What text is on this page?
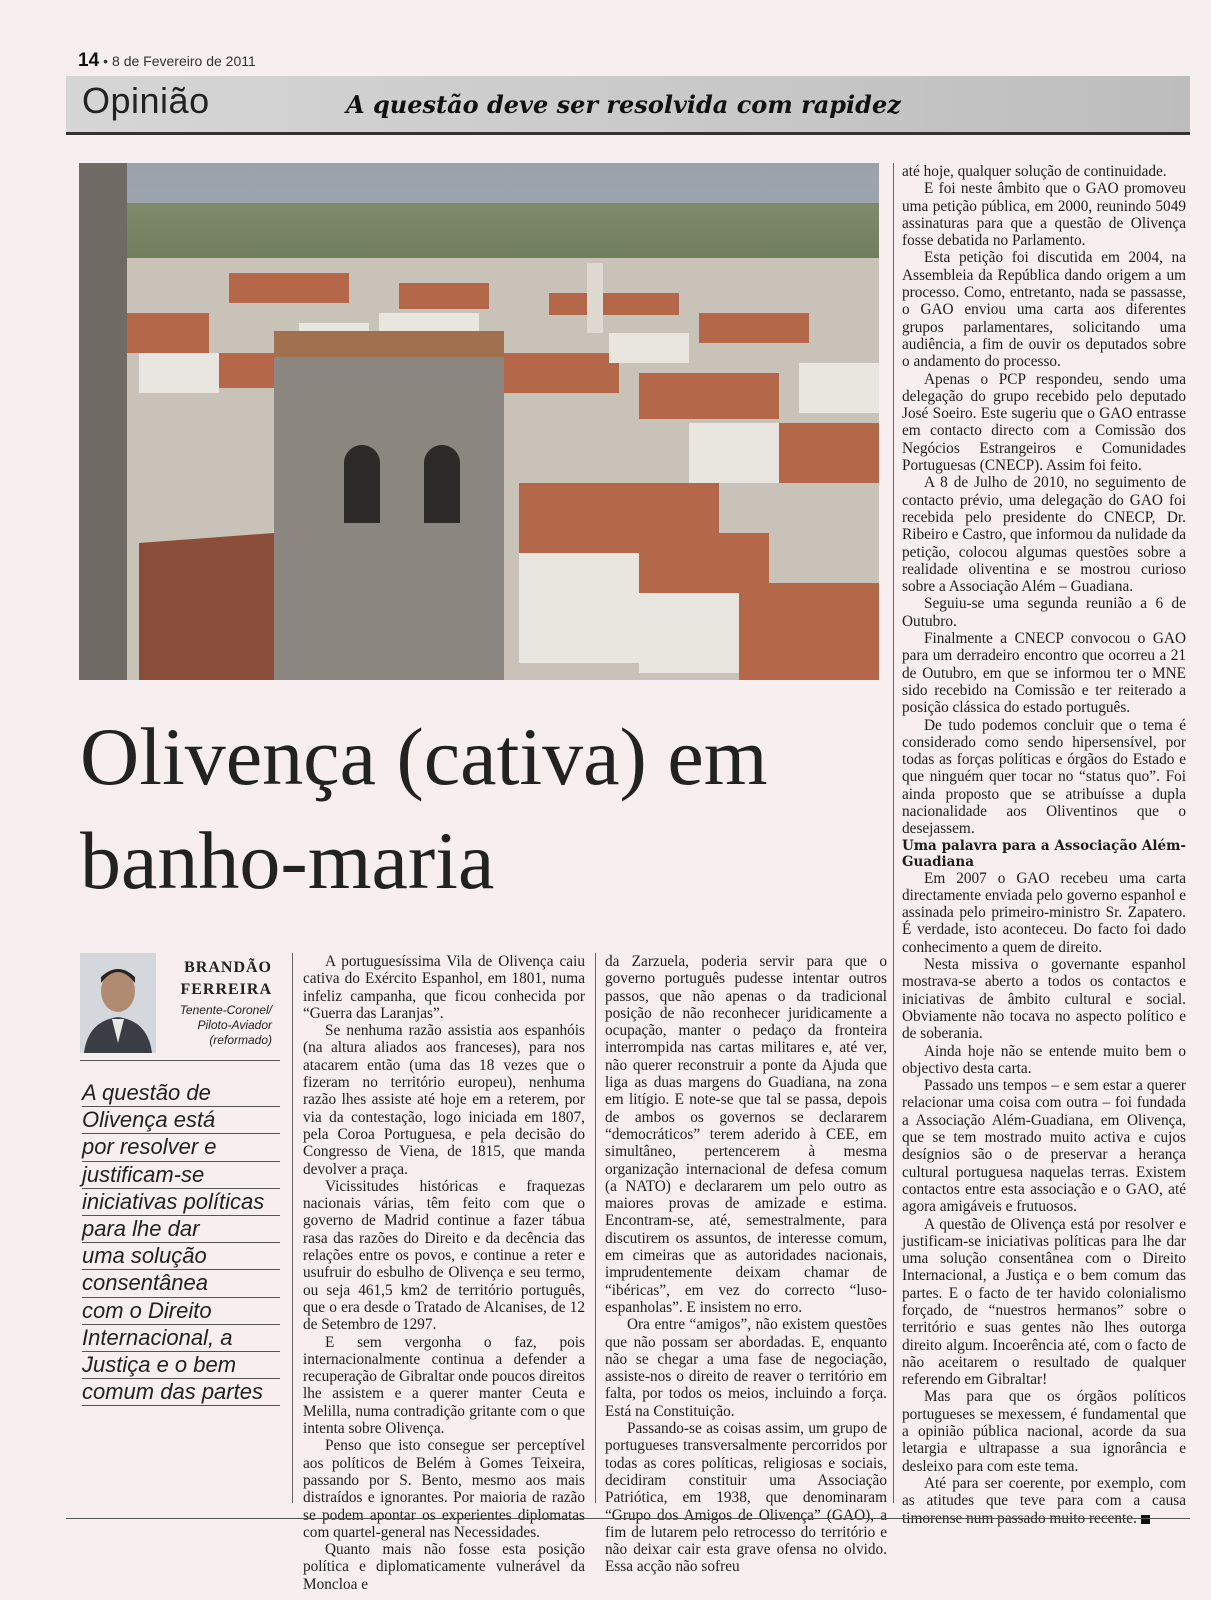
14 • 8 de Fevereiro de 2011
Opinião	A questão deve ser resolvida com rapidez
Olivença (cativa) em banho-maria
BRANDÃO
FERREIRA
Tenente-Coronel/
Piloto-Aviador
(reformado)
A questão de
Olivença está
por resolver e
justificam-se
iniciativas políticas
para lhe dar
uma solução
consentânea
com o Direito
Internacional, a
Justiça e o bem
comum das partes

A portuguesíssima Vila de Olivença caiu cativa do Exército Espanhol, em 1801, numa infeliz campanha, que ficou conhecida por “Guerra das Laranjas”.

Se nenhuma razão assistia aos espanhóis (na altura aliados aos franceses), para nos atacarem então (uma das 18 vezes que o fizeram no território europeu), nenhuma razão lhes assiste até hoje em a reterem, por via da contestação, logo iniciada em 1807, pela Coroa Portuguesa, e pela decisão do Congresso de Viena, de 1815, que manda devolver a praça.

Vicissitudes históricas e fraquezas nacionais várias, têm feito com que o governo de Madrid continue a fazer tábua rasa das razões do Direito e da decência das relações entre os povos, e continue a reter e usufruir do esbulho de Olivença e seu termo, ou seja 461,5 km2 de território português, que o era desde o Tratado de Alcanises, de 12 de Setembro de 1297.

E sem vergonha o faz, pois internacionalmente continua a defender a recuperação de Gibraltar onde poucos direitos lhe assistem e a querer manter Ceuta e Melilla, numa contradição gritante com o que intenta sobre Olivença.

Penso que isto consegue ser perceptível aos políticos de Belém à Gomes Teixeira, passando por S. Bento, mesmo aos mais distraídos e ignorantes. Por maioria de razão se podem apontar os experientes diplomatas com quartel-general nas Necessidades.

Quanto mais não fosse esta posição política e diplomaticamente vulnerável da Moncloa e

da Zarzuela, poderia servir para que o governo português pudesse intentar outros passos, que não apenas o da tradicional posição de não reconhecer juridicamente a ocupação, manter o pedaço da fronteira interrompida nas cartas militares e, até ver, não querer reconstruir a ponte da Ajuda que liga as duas margens do Guadiana, na zona em litígio. E note-se que tal se passa, depois de ambos os governos se declararem “democráticos” terem aderido à CEE, em simultâneo, pertencerem à mesma organização internacional de defesa comum (a NATO) e declararem um pelo outro as maiores provas de amizade e estima. Encontram-se, até, semestralmente, para discutirem os assuntos, de interesse comum, em cimeiras que as autoridades nacionais, imprudentemente deixam chamar de “ibéricas”, em vez do correcto “luso-espanholas”. E insistem no erro.

Ora entre “amigos”, não existem questões que não possam ser abordadas. E, enquanto não se chegar a uma fase de negociação, assiste-nos o direito de reaver o território em falta, por todos os meios, incluindo a força. Está na Constituição.

Passando-se as coisas assim, um grupo de portugueses transversalmente percorridos por todas as cores políticas, religiosas e sociais, decidiram constituir uma Associação Patriótica, em 1938, que denominaram “Grupo dos Amigos de Olivença” (GAO), a fim de lutarem pelo retrocesso do território e não deixar cair esta grave ofensa no olvido. Essa acção não sofreu

até hoje, qualquer solução de continuidade.

E foi neste âmbito que o GAO promoveu uma petição pública, em 2000, reunindo 5049 assinaturas para que a questão de Olivença fosse debatida no Parlamento.

Esta petição foi discutida em 2004, na Assembleia da República dando origem a um processo. Como, entretanto, nada se passasse, o GAO enviou uma carta aos diferentes grupos parlamentares, solicitando uma audiência, a fim de ouvir os deputados sobre o andamento do processo.

Apenas o PCP respondeu, sendo uma delegação do grupo recebido pelo deputado José Soeiro. Este sugeriu que o GAO entrasse em contacto directo com a Comissão dos Negócios Estrangeiros e Comunidades Portuguesas (CNECP). Assim foi feito.

A 8 de Julho de 2010, no seguimento de contacto prévio, uma delegação do GAO foi recebida pelo presidente do CNECP, Dr. Ribeiro e Castro, que informou da nulidade da petição, colocou algumas questões sobre a realidade oliventina e se mostrou curioso sobre a Associação Além – Guadiana.

Seguiu-se uma segunda reunião a 6 de Outubro.

Finalmente a CNECP convocou o GAO para um derradeiro encontro que ocorreu a 21 de Outubro, em que se informou ter o MNE sido recebido na Comissão e ter reiterado a posição clássica do estado português.

De tudo podemos concluir que o tema é considerado como sendo hipersensível, por todas as forças políticas e órgãos do Estado e que ninguém quer tocar no “status quo”. Foi ainda proposto que se atribuísse a dupla nacionalidade aos Oliventinos que o desejassem.

Uma palavra para a Associação Além-Guadiana

Em 2007 o GAO recebeu uma carta directamente enviada pelo governo espanhol e assinada pelo primeiro-ministro Sr. Zapatero. É verdade, isto aconteceu. Do facto foi dado conhecimento a quem de direito.

Nesta missiva o governante espanhol mostrava-se aberto a todos os contactos e iniciativas de âmbito cultural e social. Obviamente não tocava no aspecto político e de soberania.

Ainda hoje não se entende muito bem o objectivo desta carta.

Passado uns tempos – e sem estar a querer relacionar uma coisa com outra – foi fundada a Associação Além-Guadiana, em Olivença, que se tem mostrado muito activa e cujos desígnios são o de preservar a herança cultural portuguesa naquelas terras. Existem contactos entre esta associação e o GAO, até agora amigáveis e frutuosos.

A questão de Olivença está por resolver e justificam-se iniciativas políticas para lhe dar uma solução consentânea com o Direito Internacional, a Justiça e o bem comum das partes. E o facto de ter havido colonialismo forçado, de “nuestros hermanos” sobre o território e suas gentes não lhes outorga direito algum. Incoerência até, com o facto de não aceitarem o resultado de qualquer referendo em Gibraltar!

Mas para que os órgãos políticos portugueses se mexessem, é fundamental que a opinião pública nacional, acorde da sua letargia e ultrapasse a sua ignorância e desleixo para com este tema.

Até para ser coerente, por exemplo, com as atitudes que teve para com a causa timorense num passado muito recente.
